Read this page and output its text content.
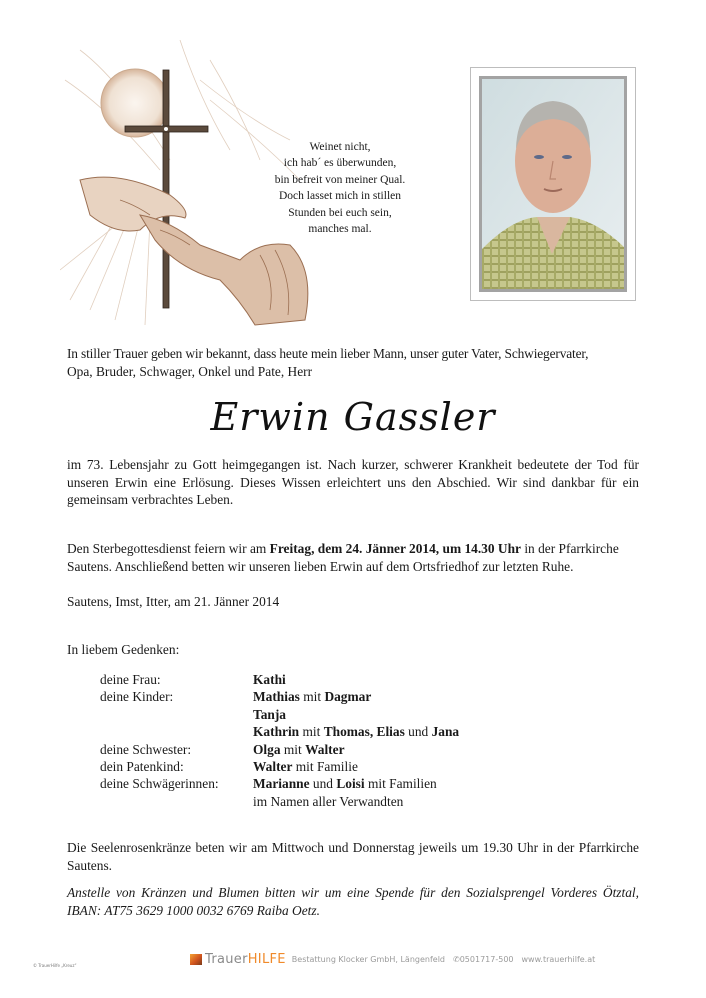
Weinet nicht,
ich hab´ es überwunden,
bin befreit von meiner Qual.
Doch lasset mich in stillen
Stunden bei euch sein,
manches mal.
In stiller Trauer geben wir bekannt, dass heute mein lieber Mann, unser guter Vater, Schwiegervater,
Opa, Bruder, Schwager, Onkel und Pate, Herr
Erwin Gassler
im 73. Lebensjahr zu Gott heimgegangen ist. Nach kurzer, schwerer Krankheit bedeutete der Tod für unseren Erwin eine Erlösung. Dieses Wissen erleichtert uns den Abschied. Wir sind dankbar für ein gemeinsam verbrachtes Leben.
Den Sterbegottesdienst feiern wir am Freitag, dem 24. Jänner 2014, um 14.30 Uhr in der Pfarrkirche Sautens. Anschließend betten wir unseren lieben Erwin auf dem Ortsfriedhof zur letzten Ruhe.
Sautens, Imst, Itter, am 21. Jänner 2014
In liebem Gedenken:
deine Frau:	Kathi
deine Kinder:	Mathias mit Dagmar
Tanja
Kathrin mit Thomas, Elias und Jana
deine Schwester:	Olga mit Walter
dein Patenkind:	Walter mit Familie
deine Schwägerinnen:	Marianne und Loisi mit Familien
im Namen aller Verwandten
Die Seelenrosenkränze beten wir am Mittwoch und Donnerstag jeweils um 19.30 Uhr in der Pfarrkirche Sautens.
Anstelle von Kränzen und Blumen bitten wir um eine Spende für den Sozialsprengel Vorderes Ötztal, IBAN: AT75 3629 1000 0032 6769 Raiba Oetz.
© TrauerHilfe „Kreuz“	Trauer HILFE Bestattung Klocker GmbH, Längenfeld ✆0501717-500 www.trauerhilfe.at
